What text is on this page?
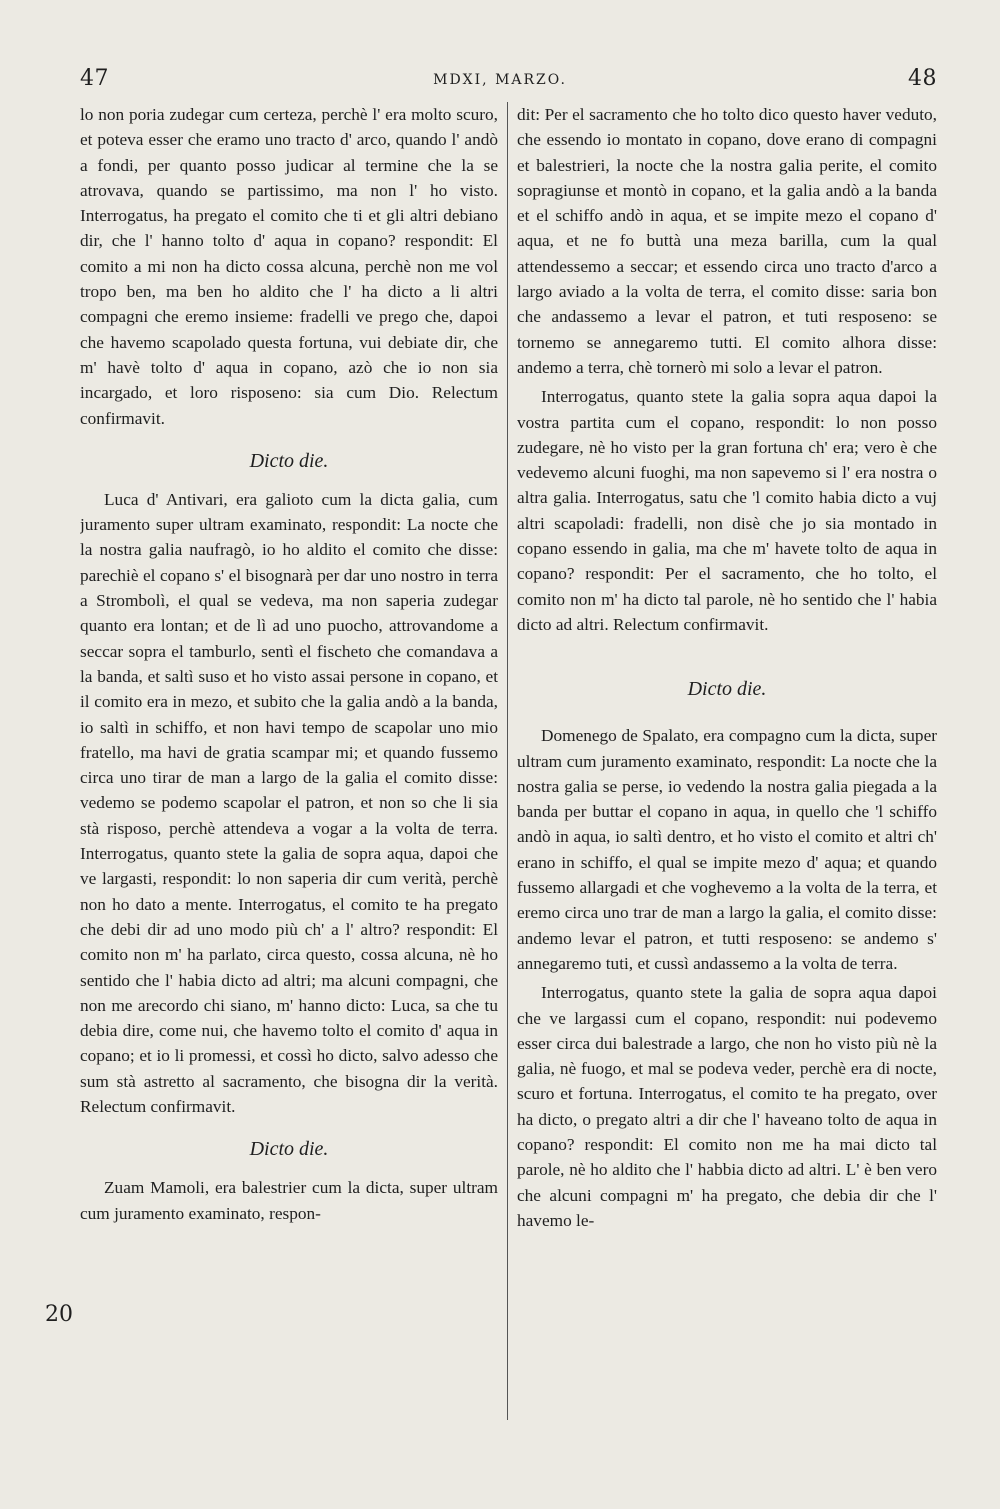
47	MDXI, MARZO.	48

lo non poria zudegar cum certeza, perchè l' era molto scuro, et poteva esser che eramo uno tracto d' arco, quando l' andò a fondi, per quanto posso judicar al termine che la se atrovava, quando se partissimo, ma non l' ho visto. Interrogatus, ha pregato el comito che ti et gli altri debiano dir, che l' hanno tolto d' aqua in copano? respondit: El comito a mi non ha dicto cossa alcuna, perchè non me vol tropo ben, ma ben ho aldito che l' ha dicto a li altri compagni che eremo insieme: fradelli ve prego che, dapoi che havemo scapolado questa fortuna, vui debiate dir, che m' havè tolto d' aqua in copano, azò che io non sia incargado, et loro risposeno: sia cum Dio. Relectum confirmavit.

Dicto die.

Luca d' Antivari, era galioto cum la dicta galia, cum juramento super ultram examinato, respondit: La nocte che la nostra galia naufragò, io ho aldito el comito che disse: parechiè el copano s' el bisognarà per dar uno nostro in terra a Strombolì, el qual se vedeva, ma non saperia zudegar quanto era lontan; et de lì ad uno puocho, attrovandome a seccar sopra el tamburlo, sentì el fischeto che comandava a la banda, et saltì suso et ho visto assai persone in copano, et il comito era in mezo, et subito che la galia andò a la banda, io saltì in schiffo, et non havi tempo de scapolar uno mio fratello, ma havi de gratia scampar mi; et quando fussemo circa uno tirar de man a largo de la galia el comito disse: vedemo se podemo scapolar el patron, et non so che li sia stà risposo, perchè attendeva a vogar a la volta de terra. Interrogatus, quanto stete la galia de sopra aqua, dapoi che ve largasti, respondit: lo non saperia dir cum verità, perchè non ho dato a mente. Interrogatus, el comito te ha pregato che debi dir ad uno modo più ch' a l' altro? respondit: El comito non m' ha parlato, circa questo, cossa alcuna, nè ho sentido che l' habia dicto ad altri; ma alcuni compagni, che non me arecordo chi siano, m' hanno dicto: Luca, sa che tu debia dire, come nui, che havemo tolto el comito d' aqua in copano; et io li promessi, et cossì ho dicto, salvo adesso che sum stà astretto al sacramento, che bisogna dir la verità. Relectum confirmavit.

Dicto die.

Zuam Mamoli, era balestrier cum la dicta, super ultram cum juramento examinato, respon-

dit: Per el sacramento che ho tolto dico questo haver veduto, che essendo io montato in copano, dove erano di compagni et balestrieri, la nocte che la nostra galia perite, el comito sopragiunse et montò in copano, et la galia andò a la banda et el schiffo andò in aqua, et se impite mezo el copano d' aqua, et ne fo buttà una meza barilla, cum la qual attendessemo a seccar; et essendo circa uno tracto d'arco a largo aviado a la volta de terra, el comito disse: saria bon che andassemo a levar el patron, et tuti resposeno: se tornemo se annegaremo tutti. El comito alhora disse: andemo a terra, chè tornerò mi solo a levar el patron.

Interrogatus, quanto stete la galia sopra aqua dapoi la vostra partita cum el copano, respondit: lo non posso zudegare, nè ho visto per la gran fortuna ch' era; vero è che vedevemo alcuni fuoghi, ma non sapevemo si l' era nostra o altra galia. Interrogatus, satu che 'l comito habia dicto a vuj altri scapoladi: fradelli, non disè che jo sia montado in copano essendo in galia, ma che m' havete tolto de aqua in copano? respondit: Per el sacramento, che ho tolto, el comito non m' ha dicto tal parole, nè ho sentido che l' habia dicto ad altri. Relectum confirmavit.

Dicto die.

Domenego de Spalato, era compagno cum la dicta, super ultram cum juramento examinato, respondit: La nocte che la nostra galia se perse, io vedendo la nostra galia piegada a la banda per buttar el copano in aqua, in quello che 'l schiffo andò in aqua, io saltì dentro, et ho visto el comito et altri ch' erano in schiffo, el qual se impite mezo d' aqua; et quando fussemo allargadi et che voghevemo a la volta de la terra, et eremo circa uno trar de man a largo la galia, el comito disse: andemo levar el patron, et tutti resposeno: se andemo s' annegaremo tuti, et cussì andassemo a la volta de terra.

Interrogatus, quanto stete la galia de sopra aqua dapoi che ve largassi cum el copano, respondit: nui podevemo esser circa dui balestrade a largo, che non ho visto più nè la galia, nè fuogo, et mal se podeva veder, perchè era di nocte, scuro et fortuna. Interrogatus, el comito te ha pregato, over ha dicto, o pregato altri a dir che l' haveano tolto de aqua in copano? respondit: El comito non me ha mai dicto tal parole, nè ho aldito che l' habbia dicto ad altri. L' è ben vero che alcuni compagni m' ha pregato, che debia dir che l' havemo le-

20
